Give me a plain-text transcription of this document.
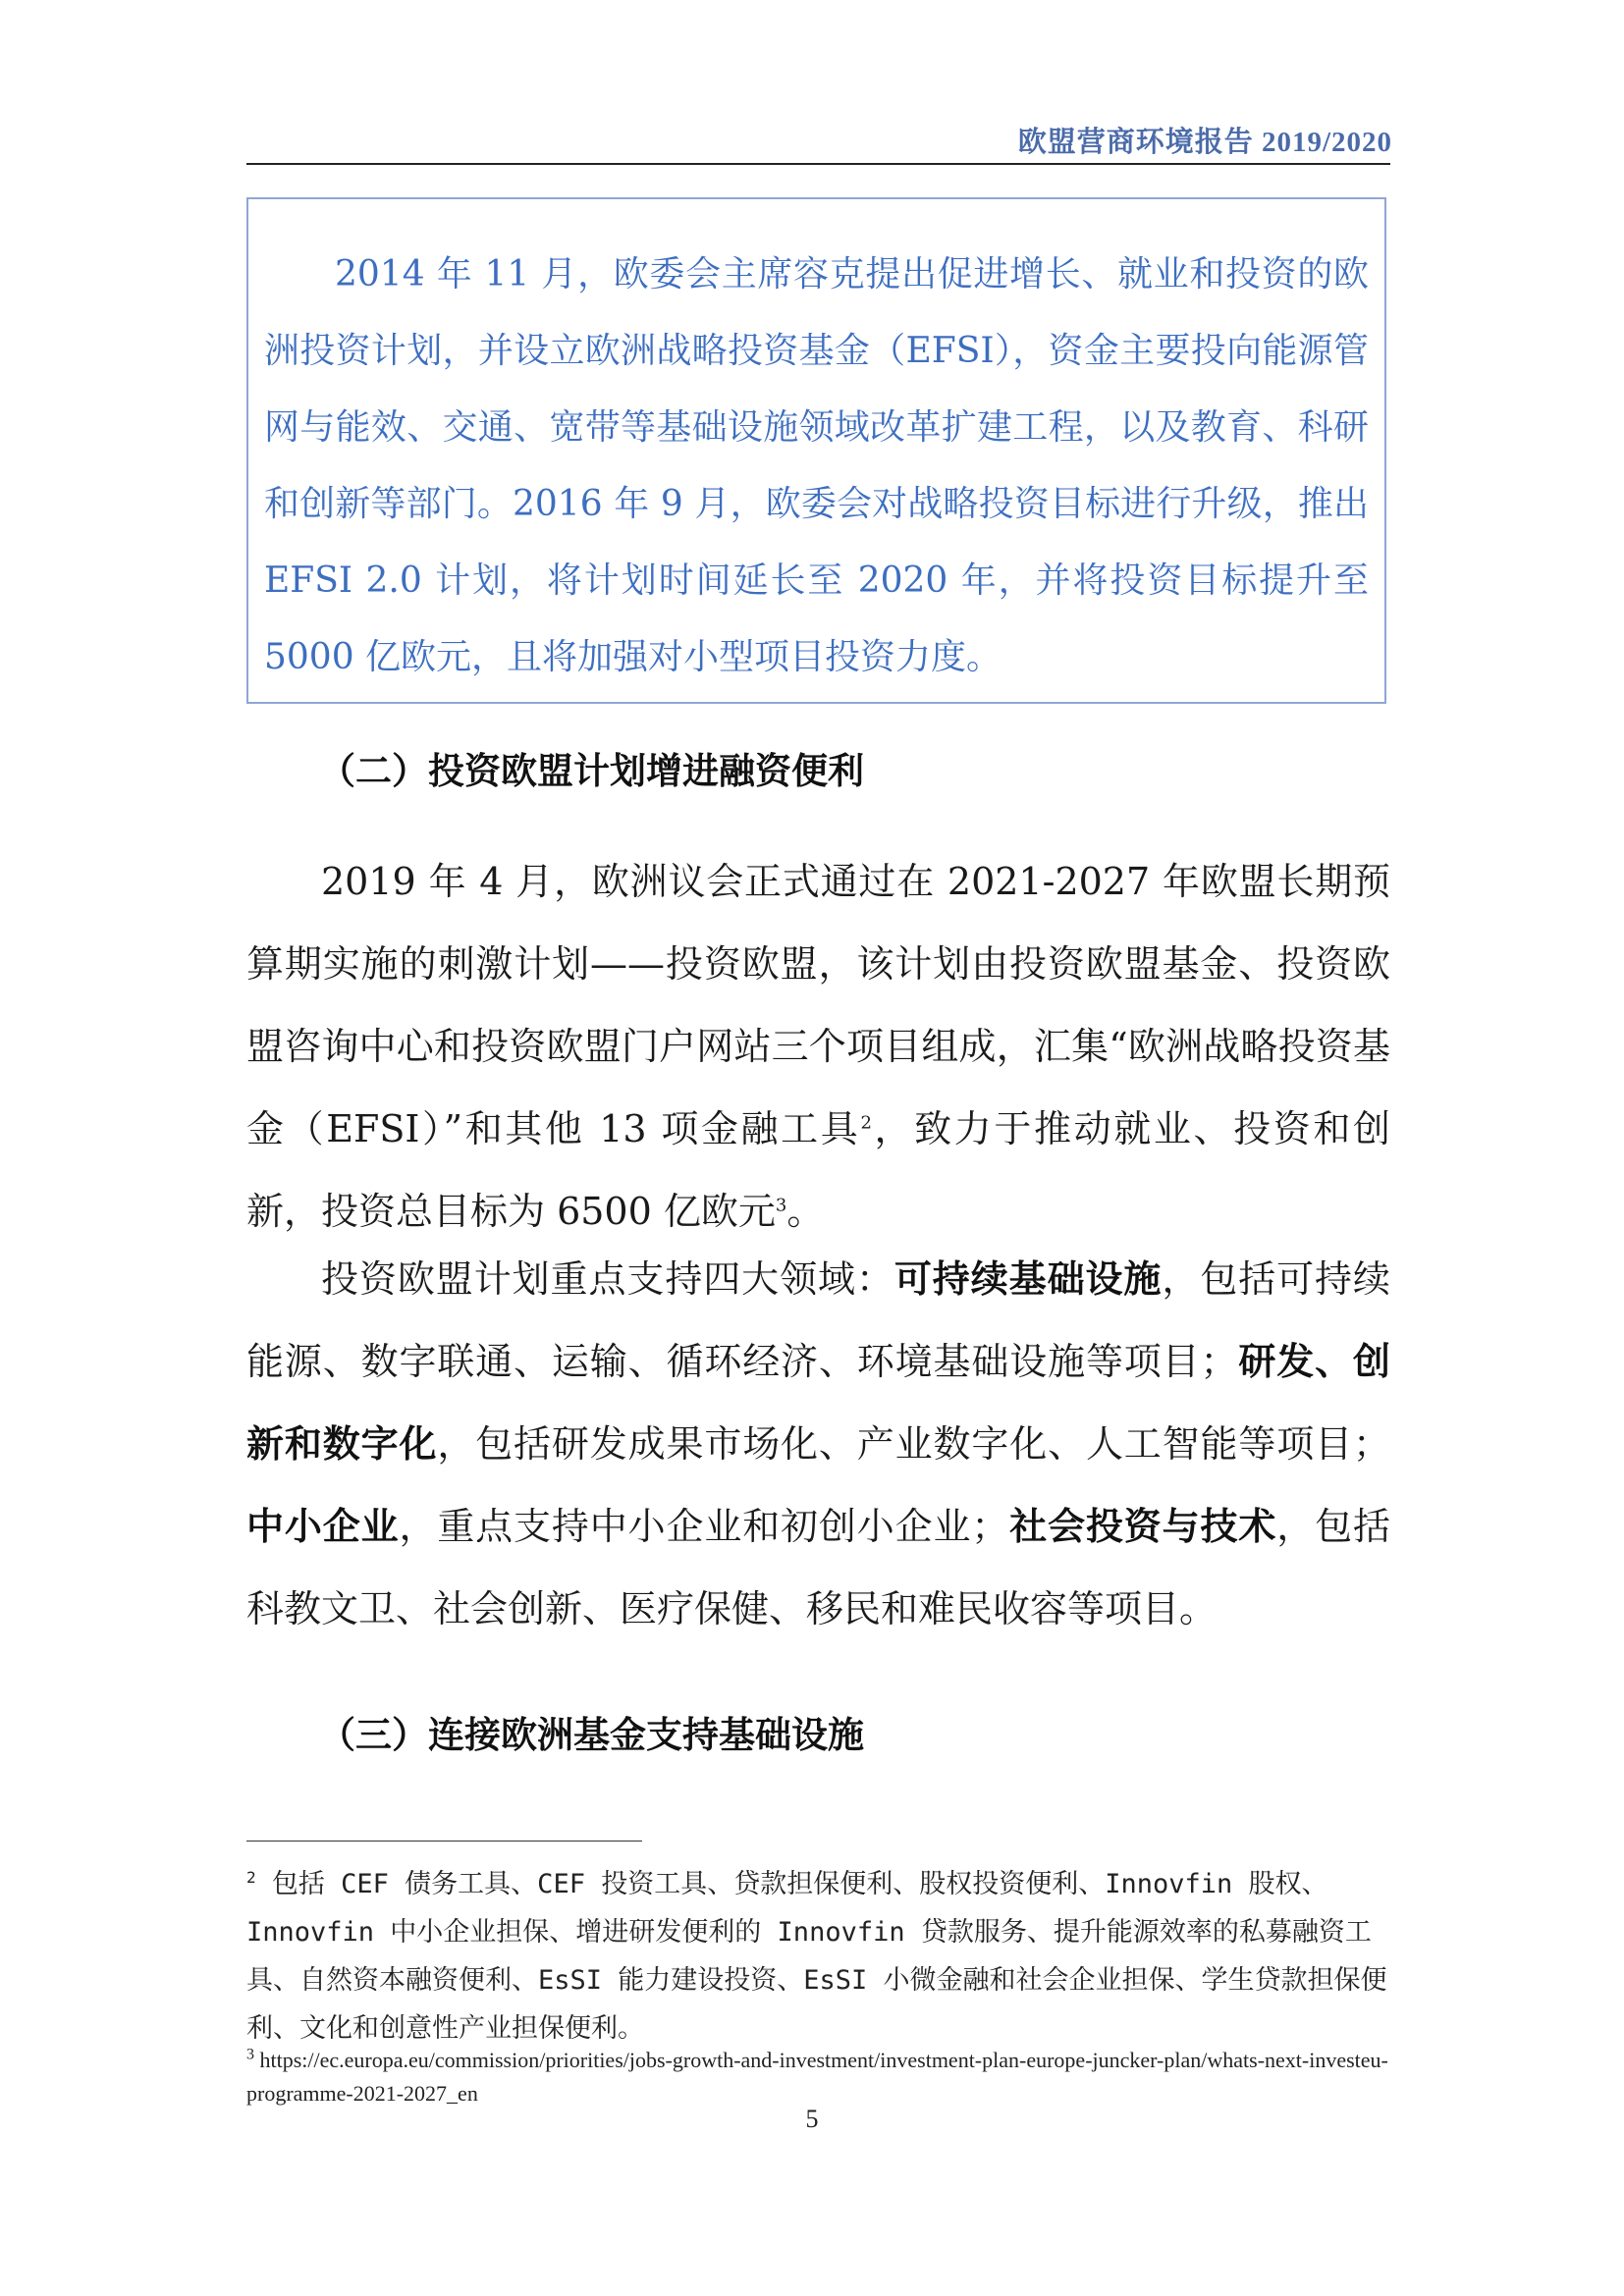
欧盟营商环境报告 2019/2020

2014 年 11 月，欧委会主席容克提出促进增长、就业和投资的欧洲投资计划，并设立欧洲战略投资基金（EFSI），资金主要投向能源管网与能效、交通、宽带等基础设施领域改革扩建工程，以及教育、科研和创新等部门。2016 年 9 月，欧委会对战略投资目标进行升级，推出 EFSI 2.0 计划，将计划时间延长至 2020 年，并将投资目标提升至 5000 亿欧元，且将加强对小型项目投资力度。

（二）投资欧盟计划增进融资便利

2019 年 4 月，欧洲议会正式通过在 2021-2027 年欧盟长期预算期实施的刺激计划——投资欧盟，该计划由投资欧盟基金、投资欧盟咨询中心和投资欧盟门户网站三个项目组成，汇集“欧洲战略投资基金（EFSI）”和其他 13 项金融工具$^2$，致力于推动就业、投资和创新，投资总目标为 6500 亿欧元$^3$。

投资欧盟计划重点支持四大领域：可持续基础设施，包括可持续能源、数字联通、运输、循环经济、环境基础设施等项目；研发、创新和数字化，包括研发成果市场化、产业数字化、人工智能等项目；中小企业，重点支持中小企业和初创小企业；社会投资与技术，包括科教文卫、社会创新、医疗保健、移民和难民收容等项目。

（三）连接欧洲基金支持基础设施

$^2$ 包括 CEF 债务工具、CEF 投资工具、贷款担保便利、股权投资便利、Innovfin 股权、Innovfin 中小企业担保、增进研发便利的 Innovfin 贷款服务、提升能源效率的私募融资工具、自然资本融资便利、EsSI 能力建设投资、EsSI 小微金融和社会企业担保、学生贷款担保便利、文化和创意性产业担保便利。

$^3$ https://ec.europa.eu/commission/priorities/jobs-growth-and-investment/investment-plan-europe-juncker-plan/whats-next-investeu-programme-2021-2027_en

5
